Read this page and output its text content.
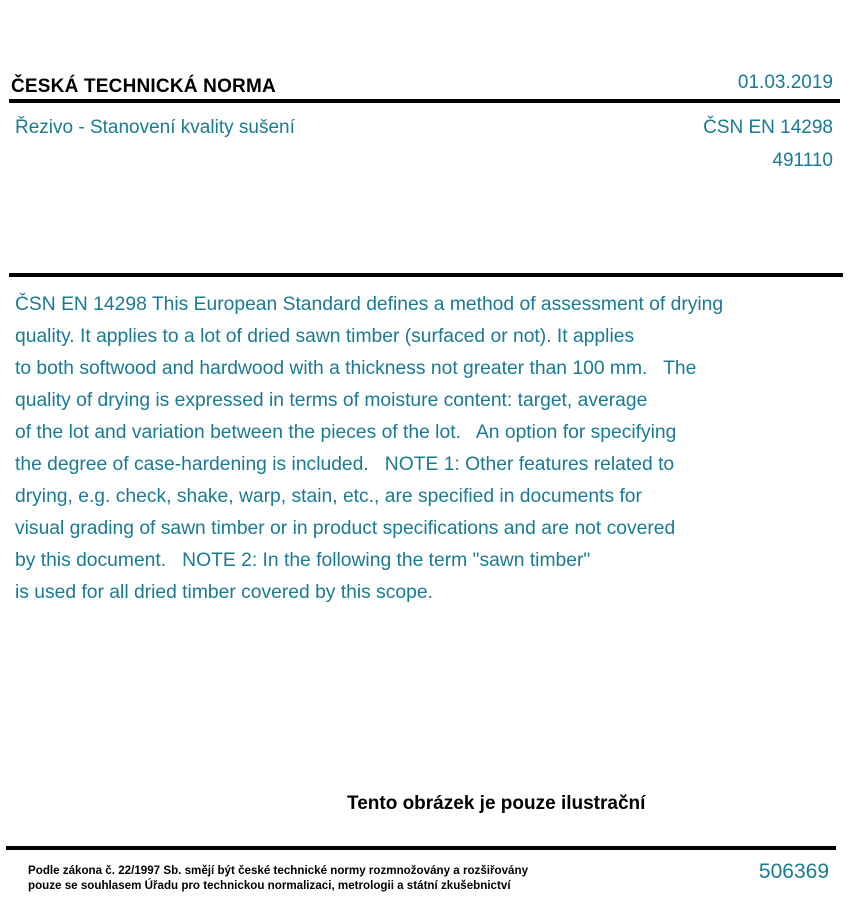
ČESKÁ TECHNICKÁ NORMA	01.03.2019
Řezivo - Stanovení kvality sušení	ČSN EN 14298
491110
ČSN EN 14298 This European Standard defines a method of assessment of drying
quality. It applies to a lot of dried sawn timber (surfaced or not). It applies
to both softwood and hardwood with a thickness not greater than 100 mm.   The
quality of drying is expressed in terms of moisture content: target, average
of the lot and variation between the pieces of the lot.   An option for specifying
the degree of case-hardening is included.   NOTE 1: Other features related to
drying, e.g. check, shake, warp, stain, etc., are specified in documents for
visual grading of sawn timber or in product specifications and are not covered
by this document.   NOTE 2: In the following the term "sawn timber"
is used for all dried timber covered by this scope.
Tento obrázek je pouze ilustrační
Podle zákona č. 22/1997 Sb. smějí být české technické normy rozmnožovány a rozšiřovány
pouze se souhlasem Úřadu pro technickou normalizaci, metrologii a státní zkušebnictví
506369
